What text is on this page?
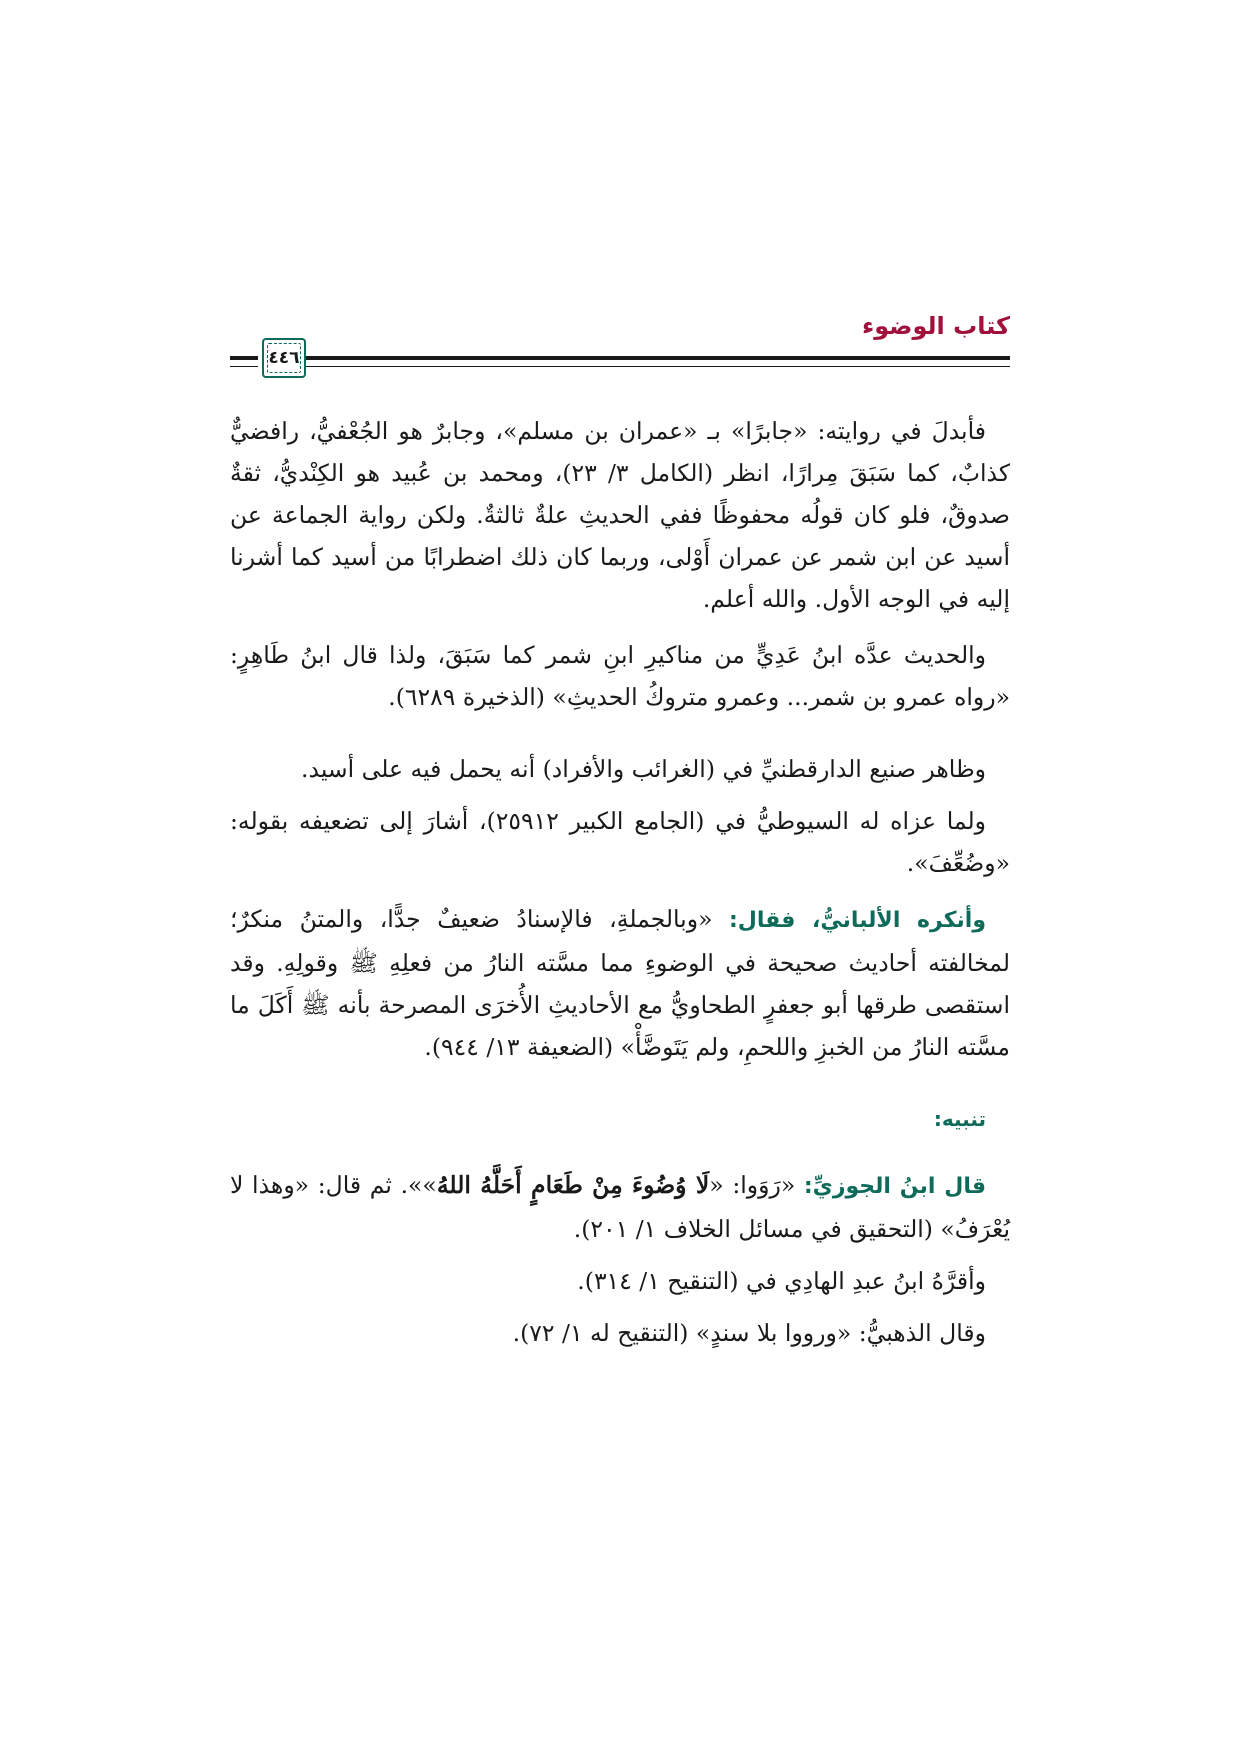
كتاب الوضوء
٤٤٦

فأبدلَ في روايته: «جابرًا» بـ «عمران بن مسلم»، وجابرٌ هو الجُعْفيُّ، رافضيٌّ كذابٌ، كما سَبَقَ مِرارًا، انظر (الكامل ٣/ ٢٣)، ومحمد بن عُبيد هو الكِنْديُّ، ثقةٌ صدوقٌ، فلو كان قولُه محفوظًا ففي الحديثِ علةٌ ثالثةٌ. ولكن رواية الجماعة عن أسيد عن ابن شمر عن عمران أَوْلى، وربما كان ذلك اضطرابًا من أسيد كما أشرنا إليه في الوجه الأول. والله أعلم.

والحديث عدَّه ابنُ عَدِيٍّ من مناكيرِ ابنِ شمر كما سَبَقَ، ولذا قال ابنُ طَاهِرٍ: «رواه عمرو بن شمر... وعمرو متروكُ الحديثِ» (الذخيرة ٦٢٨٩).

وظاهر صنيع الدارقطنيِّ في (الغرائب والأفراد) أنه يحمل فيه على أسيد.

ولما عزاه له السيوطيُّ في (الجامع الكبير ٢٥٩١٢)، أشارَ إلى تضعيفه بقوله: «وضُعِّفَ».

وأنكره الألبانيُّ، فقال: «وبالجملةِ، فالإسنادُ ضعيفٌ جدًّا، والمتنُ منكرٌ؛ لمخالفته أحاديث صحيحة في الوضوءِ مما مسَّته النارُ من فعلِهِ ﷺ وقولِهِ. وقد استقصى طرقها أبو جعفرٍ الطحاويُّ مع الأحاديثِ الأُخرَى المصرحة بأنه ﷺ أَكَلَ ما مسَّته النارُ من الخبزِ واللحمِ، ولم يَتَوضَّأْ» (الضعيفة ١٣/ ٩٤٤).

تنبيه:

قال ابنُ الجوزيِّ: «رَوَوا: «لَا وُضُوءَ مِنْ طَعَامٍ أَحَلَّهُ اللهُ»». ثم قال: «وهذا لا يُعْرَفُ» (التحقيق في مسائل الخلاف ١/ ٢٠١).

وأقرَّهُ ابنُ عبدِ الهادِي في (التنقيح ١/ ٣١٤).

وقال الذهبيُّ: «ورووا بلا سندٍ» (التنقيح له ١/ ٧٢).
